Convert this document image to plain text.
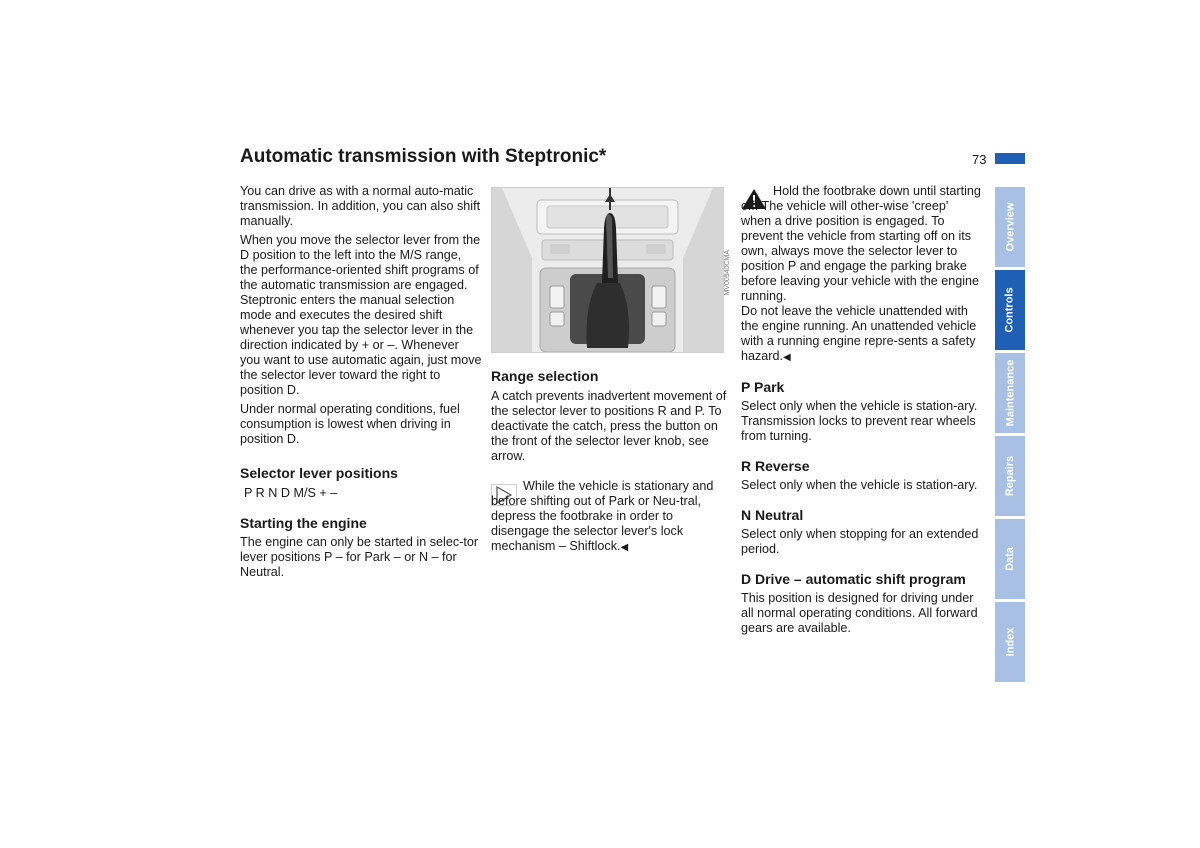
Automatic transmission with Steptronic*	73

You can drive as with a normal auto-matic transmission. In addition, you can also shift manually.

When you move the selector lever from the D position to the left into the M/S range, the performance-oriented shift programs of the automatic transmission are engaged. Steptronic enters the manual selection mode and executes the desired shift whenever you tap the selector lever in the direction indicated by + or –. Whenever you want to use automatic again, just move the selector lever toward the right to position D.

Under normal operating conditions, fuel consumption is lowest when driving in position D.

Selector lever positions

P R N D M/S + –

Starting the engine

The engine can only be started in selec-tor lever positions P – for Park – or N – for Neutral.

MV00940CMA
Range selection

A catch prevents inadvertent movement of the selector lever to positions R and P. To deactivate the catch, press the button on the front of the selector lever knob, see arrow.

While the vehicle is stationary and before shifting out of Park or Neu-tral, depress the footbrake in order to disengage the selector lever's lock mechanism – Shiftlock.◀

Hold the footbrake down until starting off. The vehicle will other-wise 'creep' when a drive position is engaged. To prevent the vehicle from starting off on its own, always move the selector lever to position P and engage the parking brake before leaving your vehicle with the engine running.

Do not leave the vehicle unattended with the engine running. An unattended vehicle with a running engine repre-sents a safety hazard.◀

P Park

Select only when the vehicle is station-ary. Transmission locks to prevent rear wheels from turning.

R Reverse

Select only when the vehicle is station-ary.

N Neutral

Select only when stopping for an extended period.

D Drive – automatic shift program

This position is designed for driving under all normal operating conditions. All forward gears are available.

Overview
Controls
Maintenance
Repairs
Data
Index
